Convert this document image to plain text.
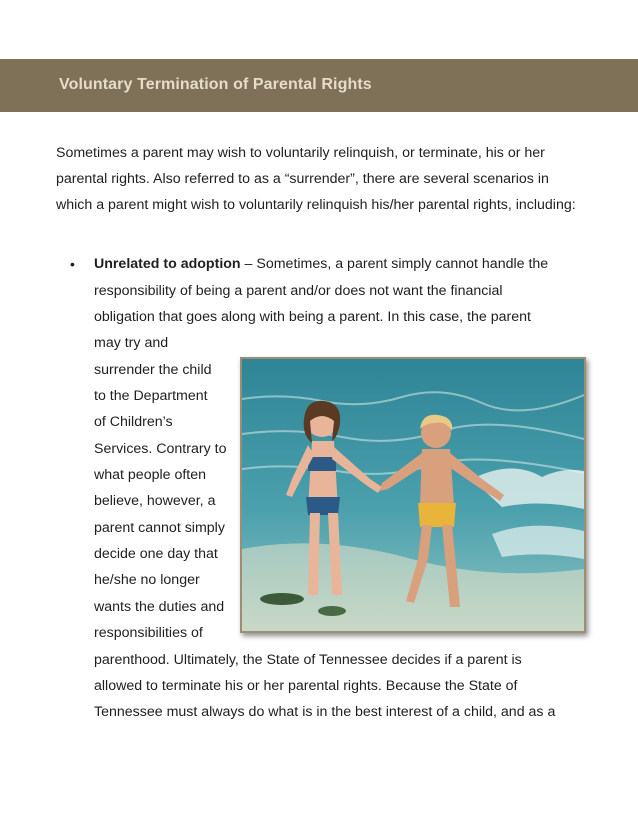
Voluntary Termination of Parental Rights

Sometimes a parent may wish to voluntarily relinquish, or terminate, his or her parental rights. Also referred to as a “surrender”, there are several scenarios in which a parent might wish to voluntarily relinquish his/her parental rights, including:

• Unrelated to adoption – Sometimes, a parent simply cannot handle the
responsibility of being a parent and/or does not want the financial
obligation that goes along with being a parent. In this case, the parent
may try and
surrender the child
to the Department
of Children’s
Services. Contrary to
what people often
believe, however, a
parent cannot simply
decide one day that
he/she no longer
wants the duties and
responsibilities of
parenthood. Ultimately, the State of Tennessee decides if a parent is
allowed to terminate his or her parental rights. Because the State of
Tennessee must always do what is in the best interest of a child, and as a
